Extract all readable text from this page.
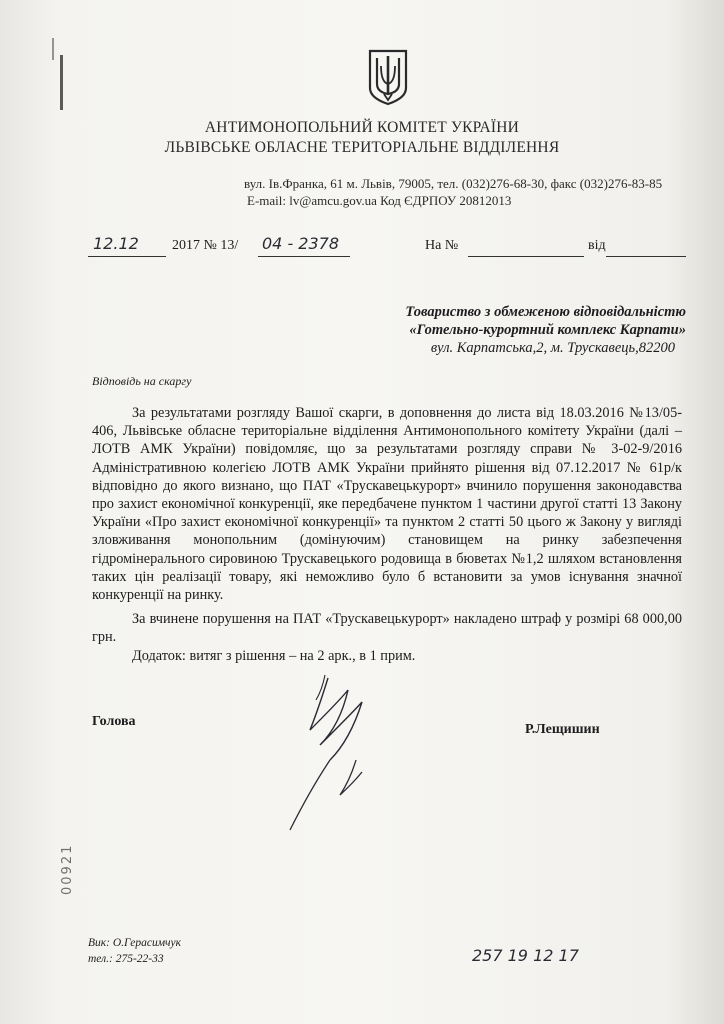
АНТИМОНОПОЛЬНИЙ КОМІТЕТ УКРАЇНИ
ЛЬВІВСЬКЕ ОБЛАСНЕ ТЕРИТОРІАЛЬНЕ ВІДДІЛЕННЯ
вул. Ів.Франка, 61 м. Львів, 79005, тел. (032)276-68-30, факс (032)276-83-85
E-mail: lv@amcu.gov.ua Код ЄДРПОУ 20812013
12.12 2017 № 13/ 04 - 2378	На №	від
Товариство з обмеженою відповідальністю
«Готельно-курортний комплекс Карпати»
вул. Карпатська,2, м. Трускавець,82200
Відповідь на скаргу

За результатами розгляду Вашої скарги, в доповнення до листа від 18.03.2016 №13/05-406, Львівське обласне територіальне відділення Антимонопольного комітету України (далі – ЛОТВ АМК України) повідомляє, що за результатами розгляду справи № 3-02-9/2016 Адміністративною колегією ЛОТВ АМК України прийнято рішення від 07.12.2017 № 61р/к відповідно до якого визнано, що ПАТ «Трускавецькурорт» вчинило порушення законодавства про захист економічної конкуренції, яке передбачене пунктом 1 частини другої статті 13 Закону України «Про захист економічної конкуренції» та пунктом 2 статті 50 цього ж Закону у вигляді зловживання монопольним (домінуючим) становищем на ринку забезпечення гідромінерального сировиною Трускавецького родовища в бюветах №1,2 шляхом встановлення таких цін реалізації товару, які неможливо було б встановити за умов існування значної конкуренції на ринку.

За вчинене порушення на ПАТ «Трускавецькурорт» накладено штраф у розмірі 68 000,00 грн.

Додаток: витяг з рішення – на 2 арк., в 1 прим.

Голова
Р.Лещишин
00921
Вик: О.Герасимчук
тел.: 275-22-33	257 19 12 17
